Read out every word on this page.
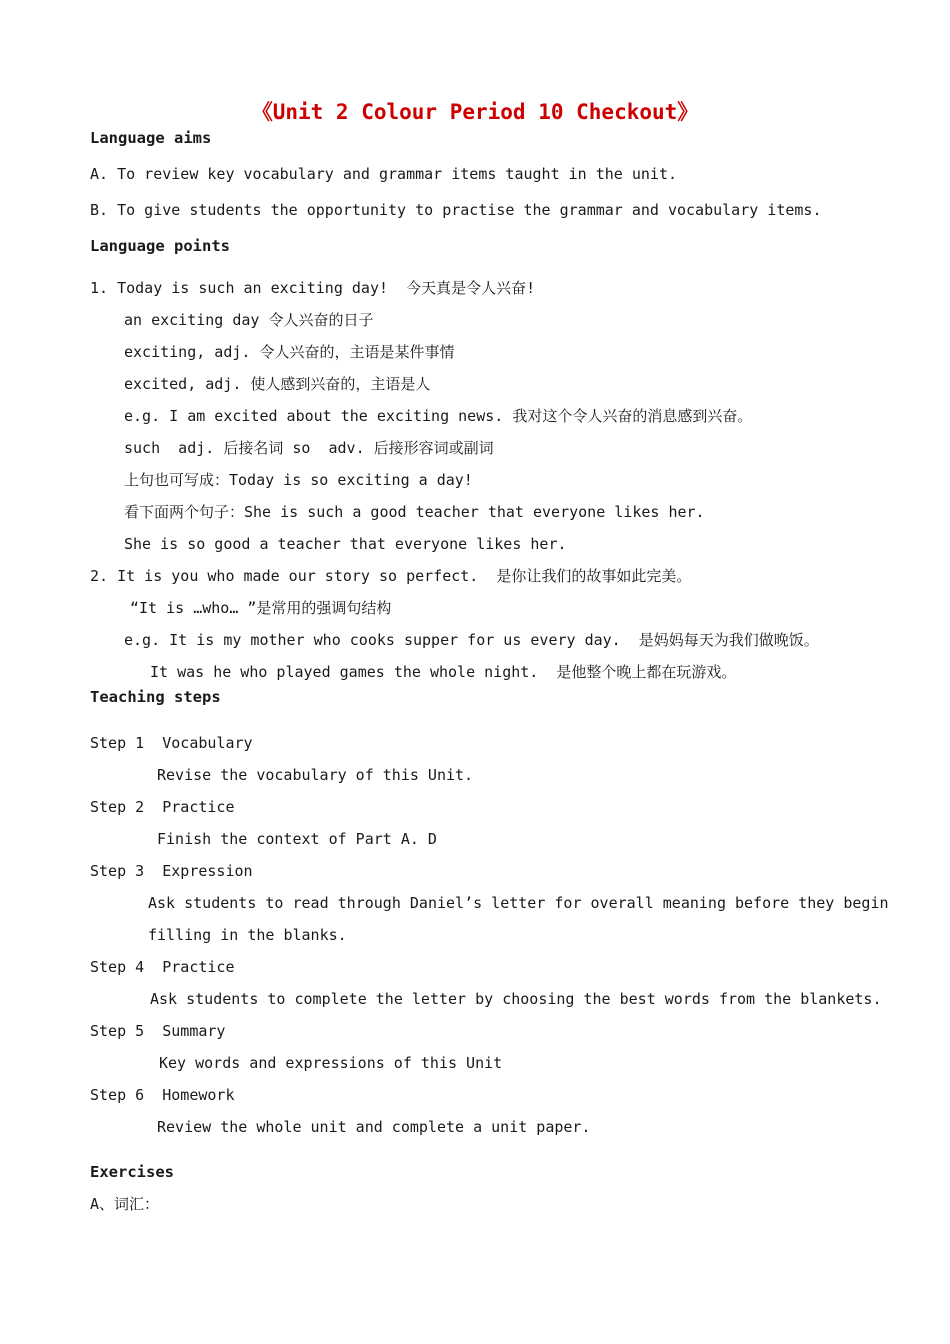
《Unit 2 Colour Period 10 Checkout》
Language aims
A. To review key vocabulary and grammar items taught in the unit.
B. To give students the opportunity to practise the grammar and vocabulary items.
Language points
1. Today is such an exciting day!  今天真是令人兴奋!
an exciting day 令人兴奋的日子
exciting, adj. 令人兴奋的，主语是某件事情
excited, adj. 使人感到兴奋的，主语是人
e.g. I am excited about the exciting news. 我对这个令人兴奋的消息感到兴奋。
such  adj. 后接名词 so  adv. 后接形容词或副词
上句也可写成：Today is so exciting a day!
看下面两个句子：She is such a good teacher that everyone likes her.
She is so good a teacher that everyone likes her.
2. It is you who made our story so perfect.  是你让我们的故事如此完美。
“It is …who… ”是常用的强调句结构
e.g. It is my mother who cooks supper for us every day.  是妈妈每天为我们做晚饭。
It was he who played games the whole night.  是他整个晚上都在玩游戏。
Teaching steps
Step 1  Vocabulary
Revise the vocabulary of this Unit.
Step 2  Practice
Finish the context of Part A. D
Step 3  Expression
Ask students to read through Daniel’s letter for overall meaning before they begin
filling in the blanks.
Step 4  Practice
Ask students to complete the letter by choosing the best words from the blankets.
Step 5  Summary
Key words and expressions of this Unit
Step 6  Homework
Review the whole unit and complete a unit paper.
Exercises
A、词汇：
